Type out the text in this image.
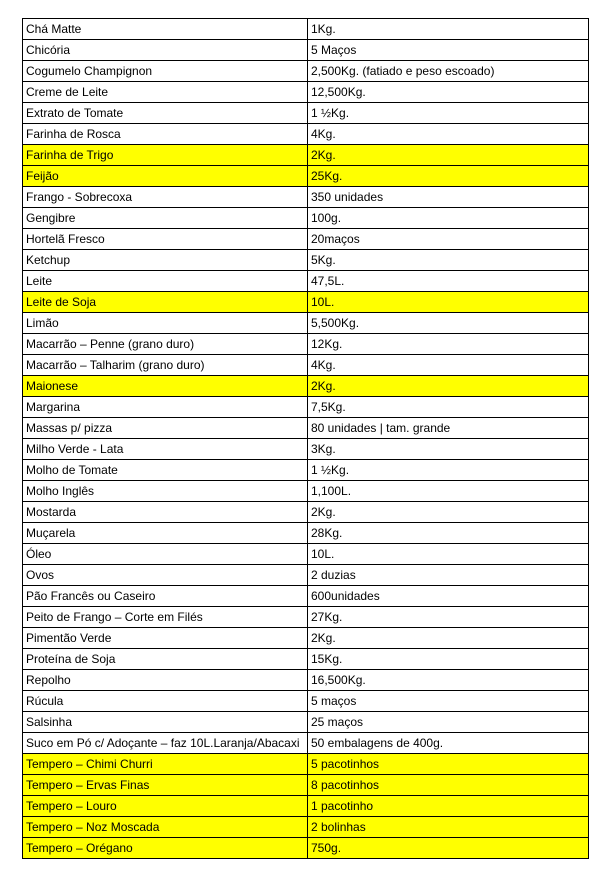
Chá Matte	1Kg.
Chicória	5 Maços
Cogumelo Champignon	2,500Kg. (fatiado e peso escoado)
Creme de Leite	12,500Kg.
Extrato de Tomate	1 ½Kg.
Farinha de Rosca	4Kg.
Farinha de Trigo	2Kg.
Feijão	25Kg.
Frango - Sobrecoxa	350 unidades
Gengibre	100g.
Hortelã Fresco	20maços
Ketchup	5Kg.
Leite	47,5L.
Leite de Soja	10L.
Limão	5,500Kg.
Macarrão – Penne (grano duro)	12Kg.
Macarrão – Talharim (grano duro)	4Kg.
Maionese	2Kg.
Margarina	7,5Kg.
Massas p/ pizza	80 unidades | tam. grande
Milho Verde - Lata	3Kg.
Molho de Tomate	1 ½Kg.
Molho Inglês	1,100L.
Mostarda	2Kg.
Muçarela	28Kg.
Óleo	10L.
Ovos	2 duzias
Pão Francês ou Caseiro	600unidades
Peito de Frango – Corte em Filés	27Kg.
Pimentão Verde	2Kg.
Proteína de Soja	15Kg.
Repolho	16,500Kg.
Rúcula	5 maços
Salsinha	25 maços
Suco em Pó c/ Adoçante – faz 10L.Laranja/Abacaxi	50 embalagens de 400g.
Tempero – Chimi Churri	5 pacotinhos
Tempero – Ervas Finas	8 pacotinhos
Tempero – Louro	1 pacotinho
Tempero – Noz Moscada	2 bolinhas
Tempero – Orégano	750g.
